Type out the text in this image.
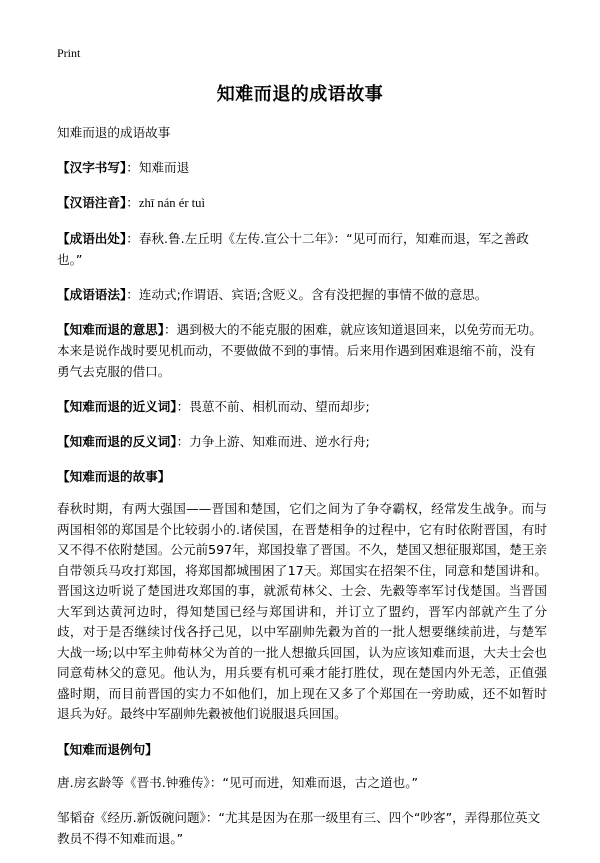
Print
知难而退的成语故事

知难而退的成语故事

【汉字书写】：知难而退

【汉语注音】：zhī nán ér tuì

【成语出处】：春秋.鲁.左丘明《左传.宣公十二年》：“见可而行，知难而退，军之善政也。”

【成语语法】：连动式;作谓语、宾语;含贬义。含有没把握的事情不做的意思。

【知难而退的意思】：遇到极大的不能克服的困难，就应该知道退回来，以免劳而无功。本来是说作战时要见机而动，不要做做不到的事情。后来用作遇到困难退缩不前，没有勇气去克服的借口。

【知难而退的近义词】：畏葸不前、相机而动、望而却步;

【知难而退的反义词】：力争上游、知难而进、逆水行舟;

【知难而退的故事】

春秋时期，有两大强国——晋国和楚国，它们之间为了争夺霸权，经常发生战争。而与两国相邻的郑国是个比较弱小的.诸侯国，在晋楚相争的过程中，它有时依附晋国，有时又不得不依附楚国。公元前597年，郑国投靠了晋国。不久，楚国又想征服郑国，楚王亲自带领兵马攻打郑国，将郑国都城围困了17天。郑国实在招架不住，同意和楚国讲和。晋国这边听说了楚国进攻郑国的事，就派荀林父、士会、先縠等率军讨伐楚国。当晋国大军到达黄河边时，得知楚国已经与郑国讲和，并订立了盟约，晋军内部就产生了分歧，对于是否继续讨伐各抒己见，以中军副帅先縠为首的一批人想要继续前进，与楚军大战一场;以中军主帅荀林父为首的一批人想撤兵回国，认为应该知难而退，大夫士会也同意荀林父的意见。他认为，用兵要有机可乘才能打胜仗，现在楚国内外无恙，正值强盛时期，而目前晋国的实力不如他们，加上现在又多了个郑国在一旁助威，还不如暂时退兵为好。最终中军副帅先縠被他们说服退兵回国。

【知难而退例句】

唐.房玄龄等《晋书.钟雅传》：“见可而进，知难而退，古之道也。”

邹韬奋《经历.新饭碗问题》：“尤其是因为在那一级里有三、四个“吵客”，弄得那位英文教员不得不知难而退。”
